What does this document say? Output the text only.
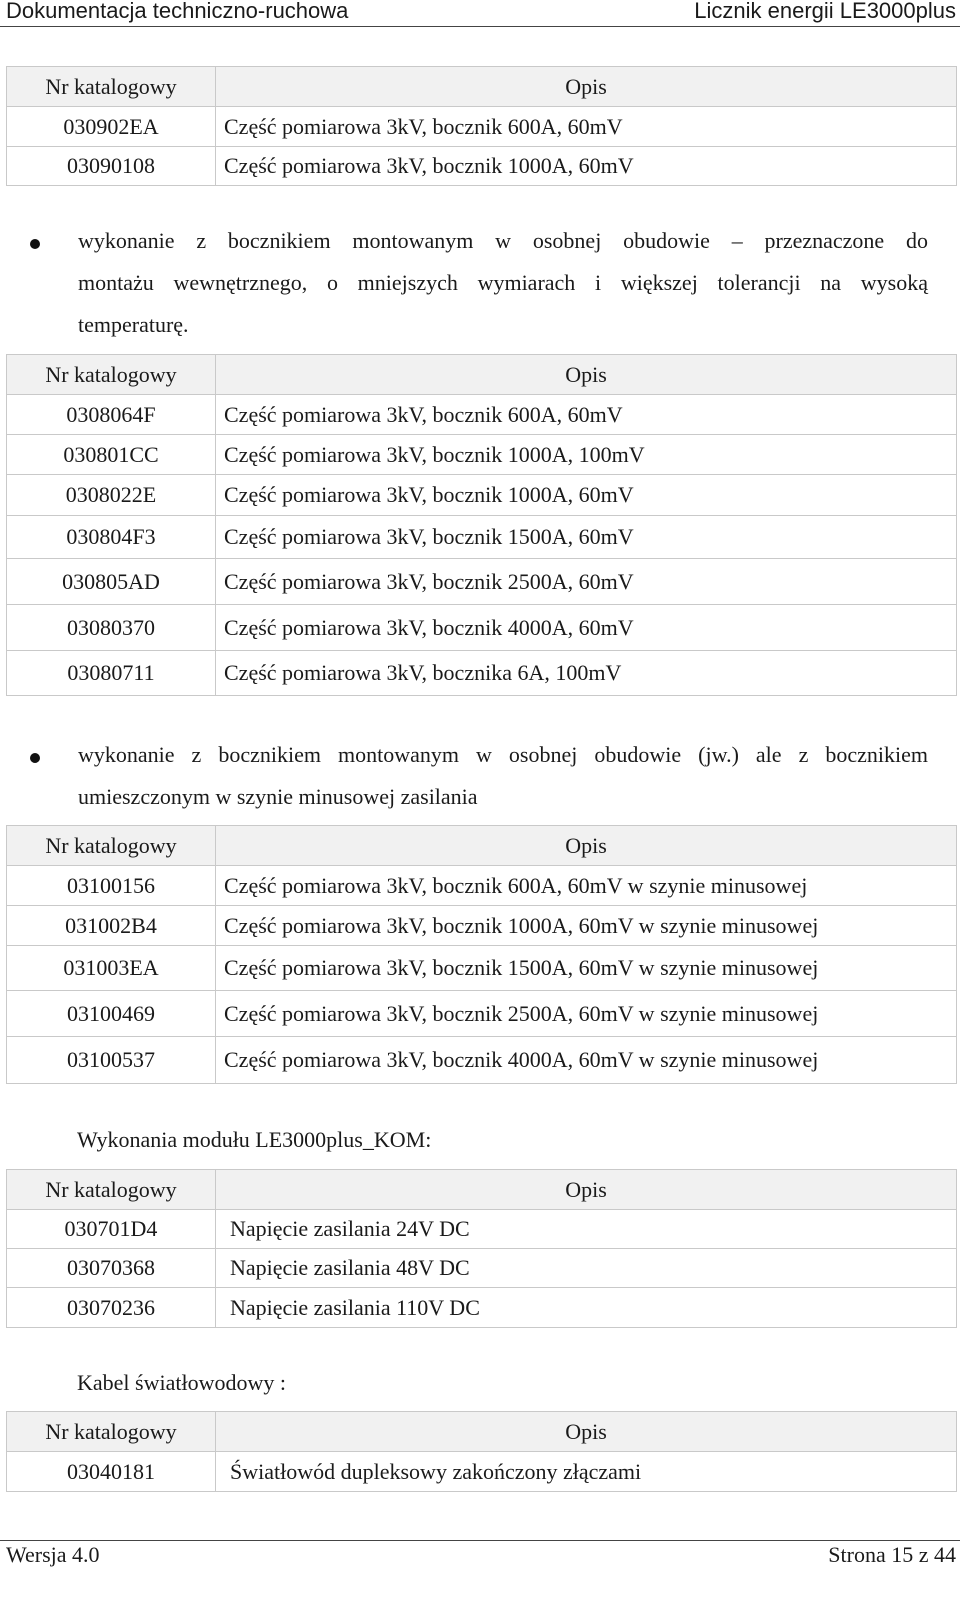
Dokumentacja techniczno-ruchowa	Licznik energii LE3000plus
Nr katalogowy	Opis
030902EA	Część pomiarowa 3kV, bocznik 600A, 60mV
03090108	Część pomiarowa 3kV, bocznik 1000A, 60mV
wykonanie z bocznikiem montowanym w osobnej obudowie – przeznaczone do
montażu wewnętrznego, o mniejszych wymiarach i większej tolerancji na wysoką
temperaturę.
Nr katalogowy	Opis
0308064F	Część pomiarowa 3kV, bocznik 600A, 60mV
030801CC	Część pomiarowa 3kV, bocznik 1000A, 100mV
0308022E	Część pomiarowa 3kV, bocznik 1000A, 60mV
030804F3	Część pomiarowa 3kV, bocznik 1500A, 60mV
030805AD	Część pomiarowa 3kV, bocznik 2500A, 60mV
03080370	Część pomiarowa 3kV, bocznik 4000A, 60mV
03080711	Część pomiarowa 3kV, bocznika 6A, 100mV
wykonanie z bocznikiem montowanym w osobnej obudowie (jw.) ale z bocznikiem
umieszczonym w szynie minusowej zasilania
Nr katalogowy	Opis
03100156	Część pomiarowa 3kV, bocznik 600A, 60mV w szynie minusowej
031002B4	Część pomiarowa 3kV, bocznik 1000A, 60mV w szynie minusowej
031003EA	Część pomiarowa 3kV, bocznik 1500A, 60mV w szynie minusowej
03100469	Część pomiarowa 3kV, bocznik 2500A, 60mV w szynie minusowej
03100537	Część pomiarowa 3kV, bocznik 4000A, 60mV w szynie minusowej
Wykonania modułu LE3000plus_KOM:
Nr katalogowy	Opis
030701D4	Napięcie zasilania 24V DC
03070368	Napięcie zasilania 48V DC
03070236	Napięcie zasilania 110V DC
Kabel światłowodowy :
Nr katalogowy	Opis
03040181	Światłowód dupleksowy zakończony złączami
Wersja 4.0	Strona 15 z 44
